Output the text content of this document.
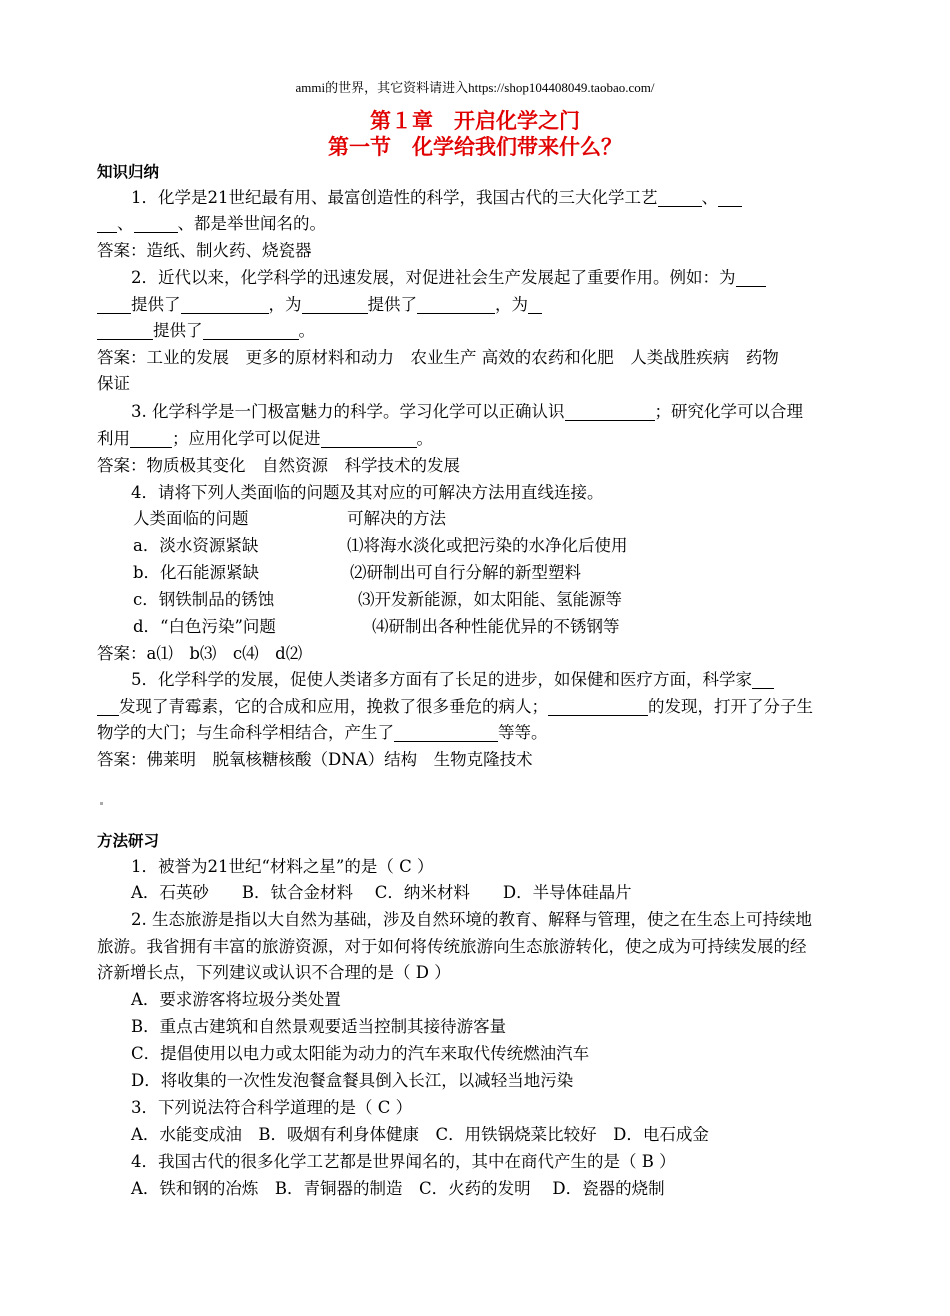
ammi的世界，其它资料请进入https://shop104408049.taobao.com/
第１章　开启化学之门
第一节　化学给我们带来什么？
知识归纳
1．化学是21世纪最有用、最富创造性的科学，我国古代的三大化学工艺	、
、	、都是举世闻名的。
答案：造纸、制火药、烧瓷器
2．近代以来，化学科学的迅速发展，对促进社会生产发展起了重要作用。例如：为
提供了	，为	提供了	，为
提供了	。
答案：工业的发展　更多的原材料和动力　农业生产 高效的农药和化肥　人类战胜疾病　药物
保证
3. 化学科学是一门极富魅力的科学。学习化学可以正确认识	；研究化学可以合理
利用	；应用化学可以促进	。
答案：物质极其变化　自然资源　科学技术的发展
4．请将下列人类面临的问题及其对应的可解决方法用直线连接。
人类面临的问题	可解决的方法
a．淡水资源紧缺	⑴将海水淡化或把污染的水净化后使用
b．化石能源紧缺	⑵研制出可自行分解的新型塑料
c．钢铁制品的锈蚀	⑶开发新能源，如太阳能、氢能源等
d．“白色污染”问题	⑷研制出各种性能优异的不锈钢等
答案：a⑴　b⑶　c⑷　d⑵
5．化学科学的发展，促使人类诸多方面有了长足的进步，如保健和医疗方面，科学家
发现了青霉素，它的合成和应用，挽救了很多垂危的病人；	的发现，打开了分子生
物学的大门；与生命科学相结合，产生了	等等。
答案：佛莱明　脱氧核糖核酸（DNA）结构　生物克隆技术
方法研习
1．被誉为21世纪“材料之星”的是（ C ）
A．石英砂　　B．钛合金材料　 C．纳米材料　　D．半导体硅晶片
2. 生态旅游是指以大自然为基础，涉及自然环境的教育、解释与管理，使之在生态上可持续地
旅游。我省拥有丰富的旅游资源，对于如何将传统旅游向生态旅游转化，使之成为可持续发展的经
济新增长点，下列建议或认识不合理的是（ D ）
A．要求游客将垃圾分类处置
B．重点古建筑和自然景观要适当控制其接待游客量
C．提倡使用以电力或太阳能为动力的汽车来取代传统燃油汽车
D．将收集的一次性发泡餐盒餐具倒入长江，以减轻当地污染
3．下列说法符合科学道理的是（ C ）
A．水能变成油　B．吸烟有利身体健康　C．用铁锅烧菜比较好　D．电石成金
4．我国古代的很多化学工艺都是世界闻名的，其中在商代产生的是（ B ）
A．铁和钢的冶炼　B．青铜器的制造　C．火药的发明　 D．瓷器的烧制
